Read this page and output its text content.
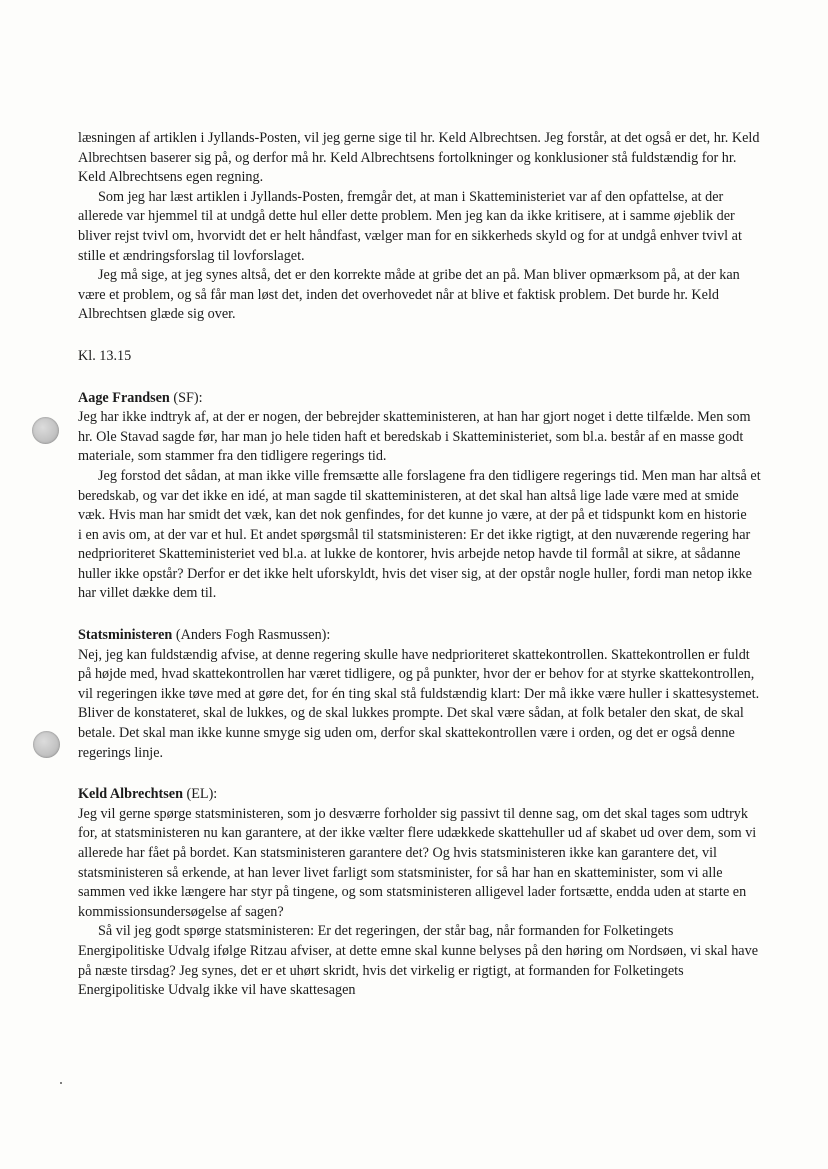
læsningen af artiklen i Jyllands-Posten, vil jeg gerne sige til hr. Keld Albrechtsen. Jeg forstår, at det også er det, hr. Keld Albrechtsen baserer sig på, og derfor må hr. Keld Albrechtsens fortolkninger og konklusioner stå fuldstændig for hr. Keld Albrechtsens egen regning.

Som jeg har læst artiklen i Jyllands-Posten, fremgår det, at man i Skatteministeriet var af den opfattelse, at der allerede var hjemmel til at undgå dette hul eller dette problem. Men jeg kan da ikke kritisere, at i samme øjeblik der bliver rejst tvivl om, hvorvidt det er helt håndfast, vælger man for en sikkerheds skyld og for at undgå enhver tvivl at stille et ændringsforslag til lovforslaget.

Jeg må sige, at jeg synes altså, det er den korrekte måde at gribe det an på. Man bliver opmærksom på, at der kan være et problem, og så får man løst det, inden det overhovedet når at blive et faktisk problem. Det burde hr. Keld Albrechtsen glæde sig over.

Kl. 13.15

Aage Frandsen (SF):

Jeg har ikke indtryk af, at der er nogen, der bebrejder skatteministeren, at han har gjort noget i dette tilfælde. Men som hr. Ole Stavad sagde før, har man jo hele tiden haft et beredskab i Skatteministeriet, som bl.a. består af en masse godt materiale, som stammer fra den tidligere regerings tid.

Jeg forstod det sådan, at man ikke ville fremsætte alle forslagene fra den tidligere regerings tid. Men man har altså et beredskab, og var det ikke en idé, at man sagde til skatteministeren, at det skal han altså lige lade være med at smide væk. Hvis man har smidt det væk, kan det nok genfindes, for det kunne jo være, at der på et tidspunkt kom en historie

i en avis om, at der var et hul. Et andet spørgsmål til statsministeren: Er det ikke rigtigt, at den nuværende regering har nedprioriteret Skatteministeriet ved bl.a. at lukke de kontorer, hvis arbejde netop havde til formål at sikre, at sådanne huller ikke opstår? Derfor er det ikke helt uforskyldt, hvis det viser sig, at der opstår nogle huller, fordi man netop ikke har villet dække dem til.

Statsministeren (Anders Fogh Rasmussen):

Nej, jeg kan fuldstændig afvise, at denne regering skulle have nedprioriteret skattekontrollen. Skattekontrollen er fuldt på højde med, hvad skattekontrollen har været tidligere, og på punkter, hvor der er behov for at styrke skattekontrollen, vil regeringen ikke tøve med at gøre det, for én ting skal stå fuldstændig klart: Der må ikke være huller i skattesystemet. Bliver de konstateret, skal de lukkes, og de skal lukkes prompte. Det skal være sådan, at folk betaler den skat, de skal betale. Det skal man ikke kunne smyge sig uden om, derfor skal skattekontrollen være i orden, og det er også denne regerings linje.

Keld Albrechtsen (EL):

Jeg vil gerne spørge statsministeren, som jo desværre forholder sig passivt til denne sag, om det skal tages som udtryk for, at statsministeren nu kan garantere, at der ikke vælter flere udækkede skattehuller ud af skabet ud over dem, som vi allerede har fået på bordet. Kan statsministeren garantere det? Og hvis statsministeren ikke kan garantere det, vil statsministeren så erkende, at han lever livet farligt som statsminister, for så har han en skatteminister, som vi alle sammen ved ikke længere har styr på tingene, og som statsministeren alligevel lader fortsætte, endda uden at starte en kommissionsundersøgelse af sagen?

Så vil jeg godt spørge statsministeren: Er det regeringen, der står bag, når formanden for Folketingets Energipolitiske Udvalg ifølge Ritzau afviser, at dette emne skal kunne belyses på den høring om Nordsøen, vi skal have på næste tirsdag? Jeg synes, det er et uhørt skridt, hvis det virkelig er rigtigt, at formanden for Folketingets Energipolitiske Udvalg ikke vil have skattesagen
